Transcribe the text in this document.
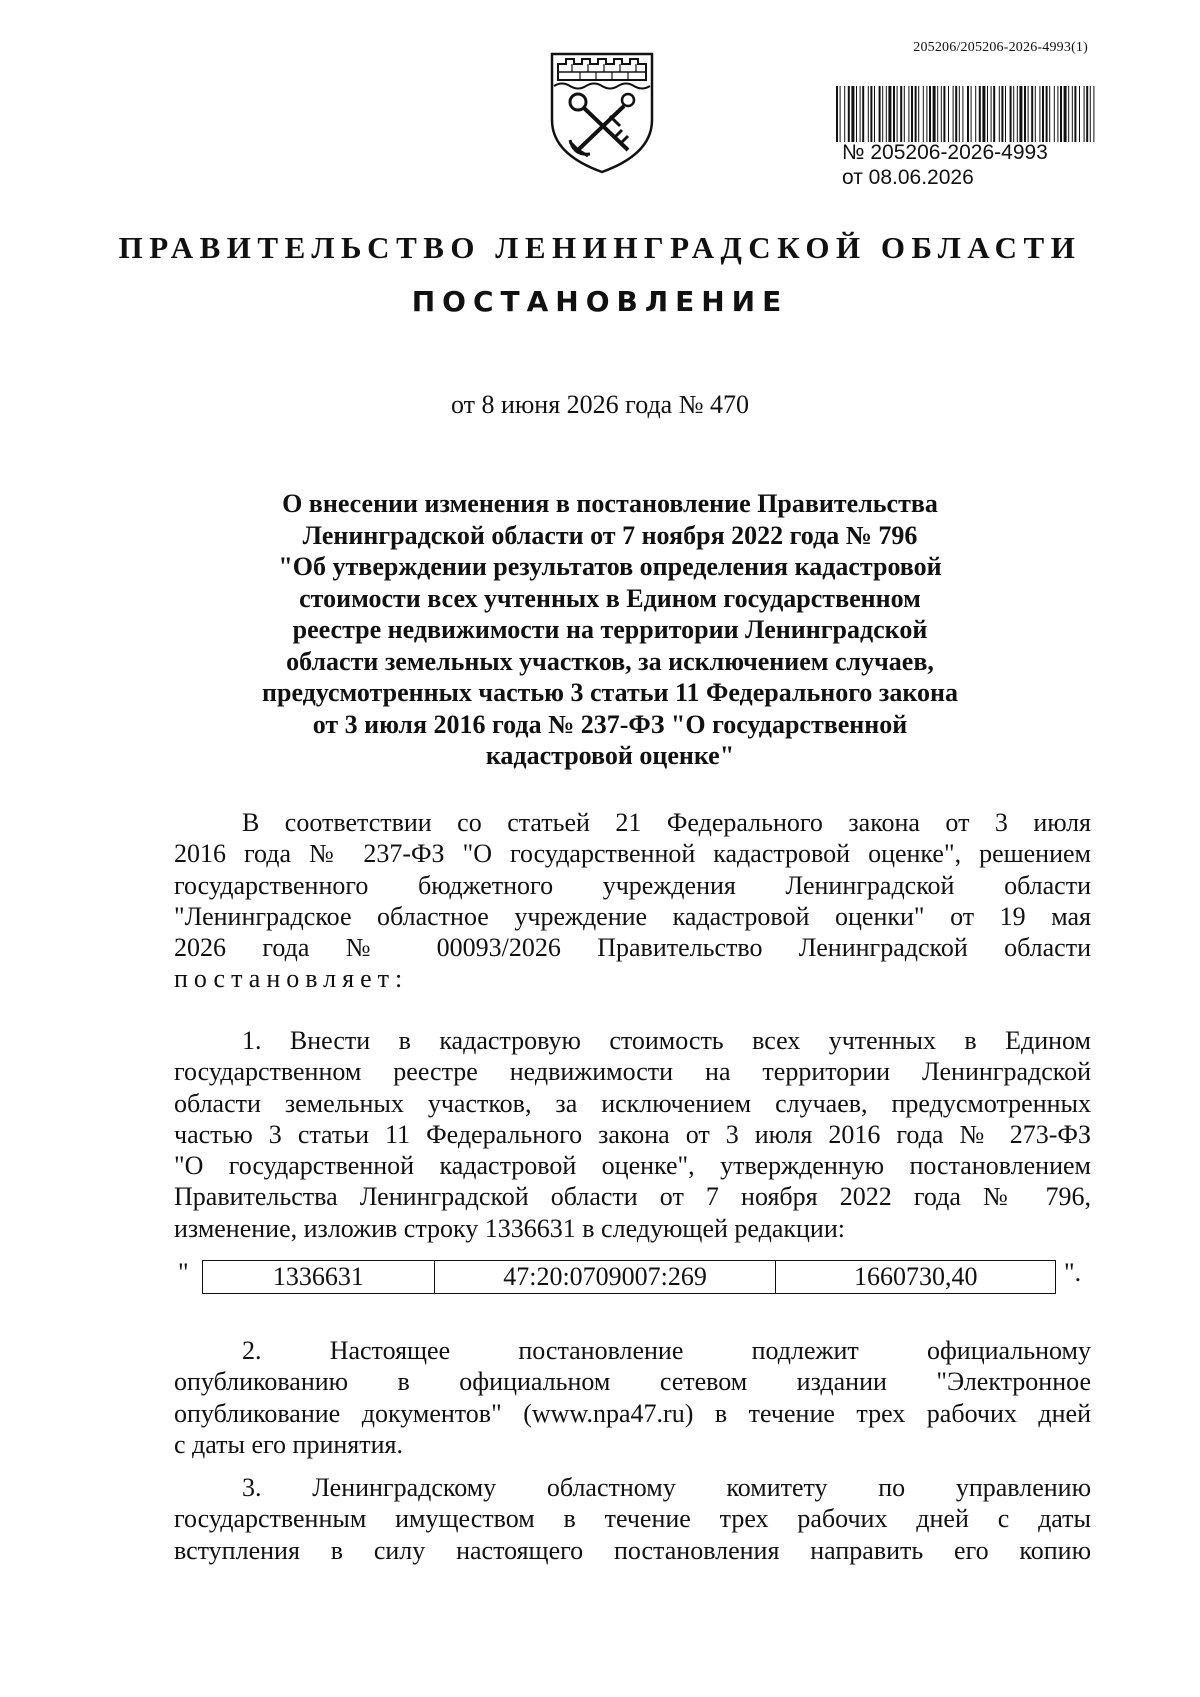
205206/205206-2026-4993(1)
№ 205206-2026-4993
от 08.06.2026
ПРАВИТЕЛЬСТВО ЛЕНИНГРАДСКОЙ ОБЛАСТИ
ПОСТАНОВЛЕНИЕ
от 8 июня 2026 года № 470
О внесении изменения в постановление Правительства
Ленинградской области от 7 ноября 2022 года № 796
"Об утверждении результатов определения кадастровой
стоимости всех учтенных в Едином государственном
реестре недвижимости на территории Ленинградской
области земельных участков, за исключением случаев,
предусмотренных частью 3 статьи 11 Федерального закона
от 3 июля 2016 года № 237-ФЗ "О государственной
кадастровой оценке"
В соответствии со статьей 21 Федерального закона от 3 июля
2016 года № 237-ФЗ "О государственной кадастровой оценке", решением
государственного бюджетного учреждения Ленинградской области
"Ленинградское областное учреждение кадастровой оценки" от 19 мая
2026 года № 00093/2026 Правительство Ленинградской области
постановляет:
1. Внести в кадастровую стоимость всех учтенных в Едином
государственном реестре недвижимости на территории Ленинградской
области земельных участков, за исключением случаев, предусмотренных
частью 3 статьи 11 Федерального закона от 3 июля 2016 года № 273-ФЗ
"О государственной кадастровой оценке", утвержденную постановлением
Правительства Ленинградской области от 7 ноября 2022 года № 796,
изменение, изложив строку 1336631 в следующей редакции:
"	1336631	47:20:0709007:269	1660730,40	".
2. Настоящее постановление подлежит официальному
опубликованию в официальном сетевом издании "Электронное
опубликование документов" (www.npa47.ru) в течение трех рабочих дней
с даты его принятия.
3. Ленинградскому областному комитету по управлению
государственным имуществом в течение трех рабочих дней с даты
вступления в силу настоящего постановления направить его копию
